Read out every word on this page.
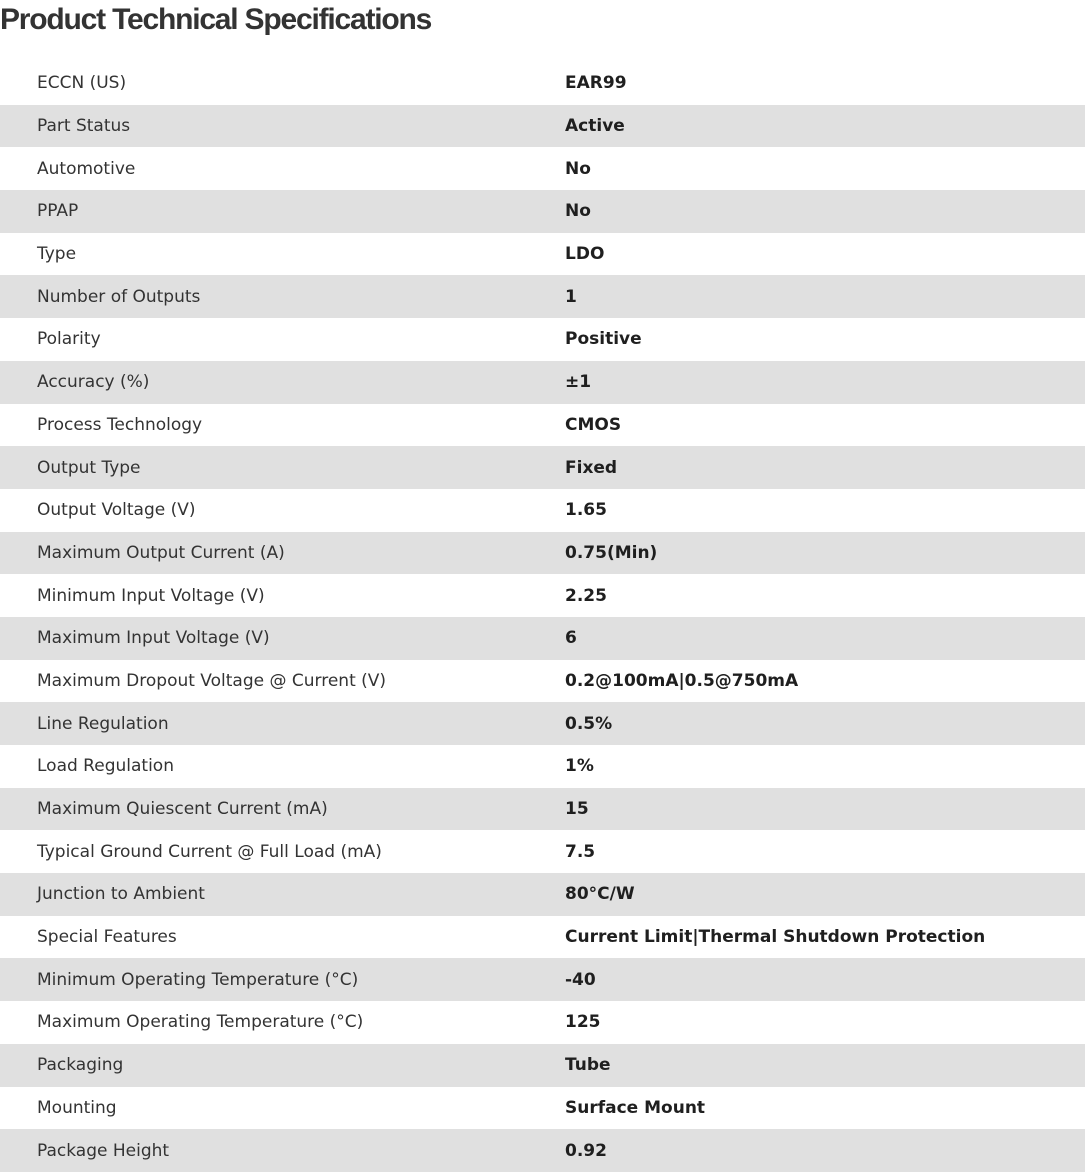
Product Technical Specifications
ECCN (US)	EAR99
Part Status	Active
Automotive	No
PPAP	No
Type	LDO
Number of Outputs	1
Polarity	Positive
Accuracy (%)	±1
Process Technology	CMOS
Output Type	Fixed
Output Voltage (V)	1.65
Maximum Output Current (A)	0.75(Min)
Minimum Input Voltage (V)	2.25
Maximum Input Voltage (V)	6
Maximum Dropout Voltage @ Current (V)	0.2@100mA|0.5@750mA
Line Regulation	0.5%
Load Regulation	1%
Maximum Quiescent Current (mA)	15
Typical Ground Current @ Full Load (mA)	7.5
Junction to Ambient	80°C/W
Special Features	Current Limit|Thermal Shutdown Protection
Minimum Operating Temperature (°C)	-40
Maximum Operating Temperature (°C)	125
Packaging	Tube
Mounting	Surface Mount
Package Height	0.92
